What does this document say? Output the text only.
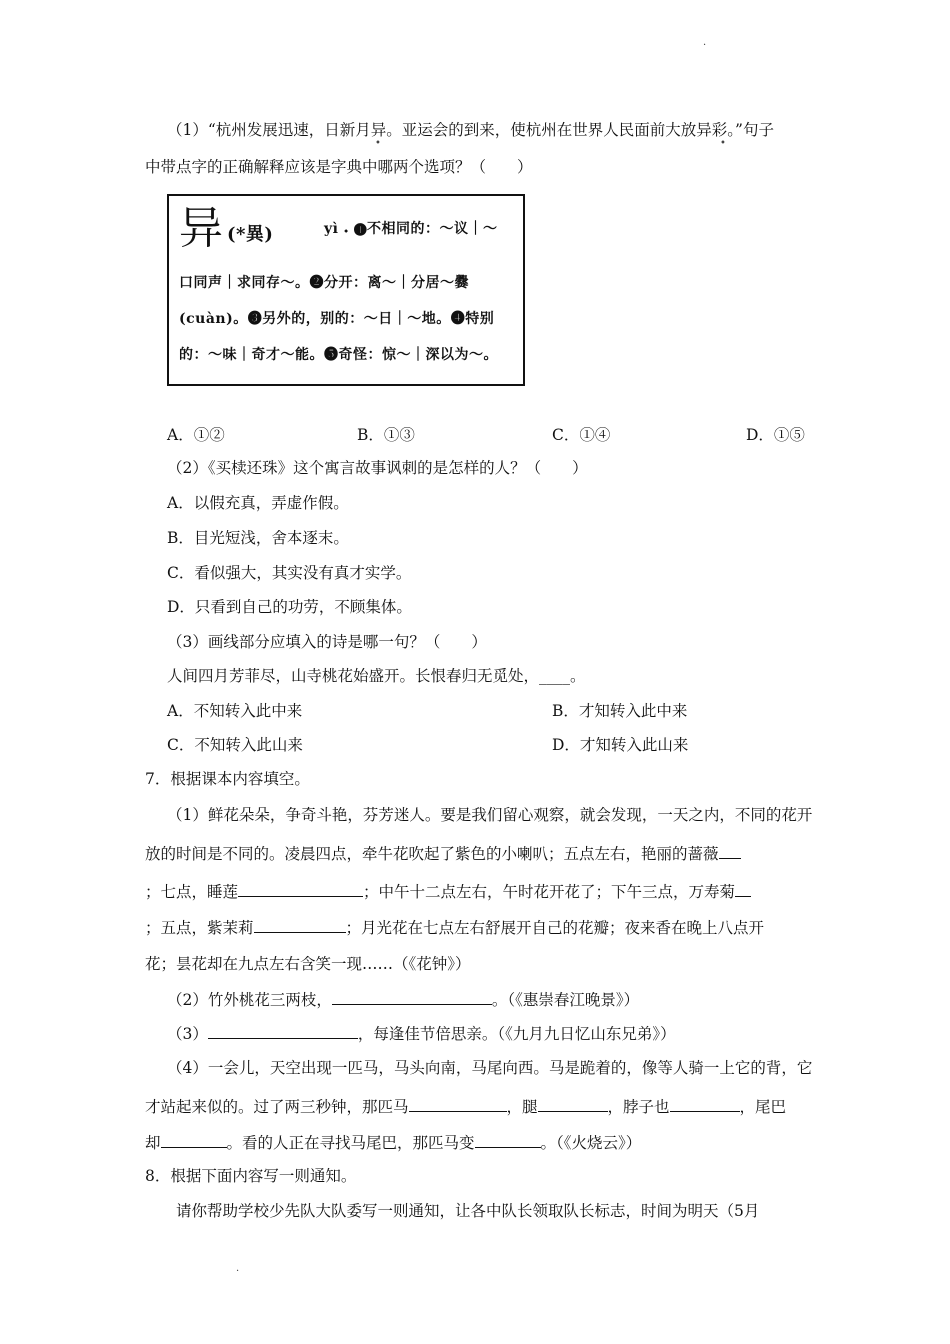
·
（1）“杭州发展迅速，日新月异。亚运会的到来，使杭州在世界人民面前大放异彩。”句子
•	•
中带点字的正确解释应该是字典中哪两个选项？（　　）
异 (*異)	yì 𝆺 ❶不相同的：～议｜～
口同声｜求同存～。❷分开：离～｜分居～爨
(cuàn)。❸另外的，别的：～日｜～地。❹特别
的：～味｜奇才～能。❺奇怪：惊～｜深以为～。
A．①②	B．①③	C．①④	D．①⑤
（2）《买椟还珠》这个寓言故事讽刺的是怎样的人？（　　）
A．以假充真，弄虚作假。
B．目光短浅，舍本逐末。
C．看似强大，其实没有真才实学。
D．只看到自己的功劳，不顾集体。
（3）画线部分应填入的诗是哪一句？（　　）
人间四月芳菲尽，山寺桃花始盛开。长恨春归无觅处，____。
A．不知转入此中来	B．才知转入此中来
C．不知转入此山来	D．才知转入此山来
7．根据课本内容填空。
（1）鲜花朵朵，争奇斗艳，芬芳迷人。要是我们留心观察，就会发现，一天之内，不同的花开
放的时间是不同的。凌晨四点，牵牛花吹起了紫色的小喇叭；五点左右，艳丽的蔷薇
；七点，睡莲	；中午十二点左右，午时花开花了；下午三点，万寿菊
；五点，紫茉莉	；月光花在七点左右舒展开自己的花瓣；夜来香在晚上八点开
花；昙花却在九点左右含笑一现……（《花钟》）
（2）竹外桃花三两枝，	。（《惠崇春江晚景》）
（3）	，每逢佳节倍思亲。（《九月九日忆山东兄弟》）
（4）一会儿，天空出现一匹马，马头向南，马尾向西。马是跪着的，像等人骑一上它的背，它
才站起来似的。过了两三秒钟，那匹马	，腿	，脖子也	，尾巴
却	。看的人正在寻找马尾巴，那匹马变	。（《火烧云》）
8．根据下面内容写一则通知。
请你帮助学校少先队大队委写一则通知，让各中队长领取队长标志，时间为明天（5月
·
